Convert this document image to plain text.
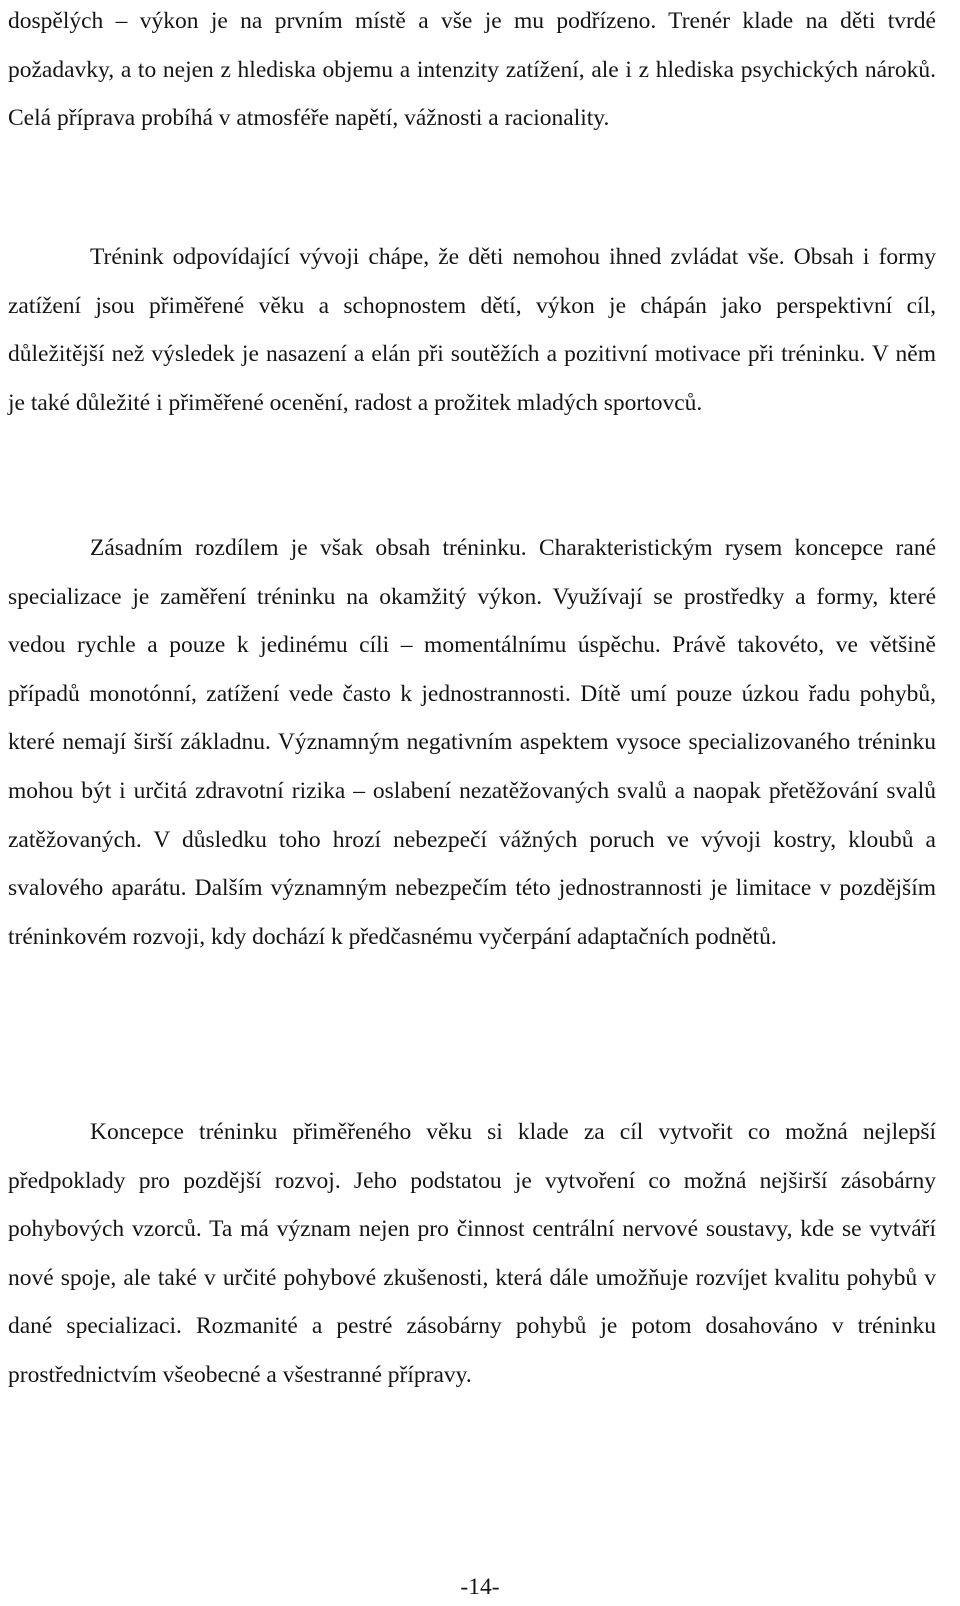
dospělých – výkon je na prvním místě a vše je mu podřízeno. Trenér klade na děti tvrdé požadavky, a to nejen z hlediska objemu a intenzity zatížení, ale i z hlediska psychických nároků. Celá příprava probíhá v atmosféře napětí, vážnosti a racionality.

Trénink odpovídající vývoji chápe, že děti nemohou ihned zvládat vše. Obsah i formy zatížení jsou přiměřené věku a schopnostem dětí, výkon je chápán jako perspektivní cíl, důležitější než výsledek je nasazení a elán při soutěžích a pozitivní motivace při tréninku. V něm je také důležité i přiměřené ocenění, radost a prožitek mladých sportovců.

Zásadním rozdílem je však obsah tréninku. Charakteristickým rysem koncepce rané specializace je zaměření tréninku na okamžitý výkon. Využívají se prostředky a formy, které vedou rychle a pouze k jedinému cíli – momentálnímu úspěchu. Právě takovéto, ve většině případů monotónní, zatížení vede často k jednostrannosti. Dítě umí pouze úzkou řadu pohybů, které nemají širší základnu. Významným negativním aspektem vysoce specializovaného tréninku mohou být i určitá zdravotní rizika – oslabení nezatěžovaných svalů a naopak přetěžování svalů zatěžovaných. V důsledku toho hrozí nebezpečí vážných poruch ve vývoji kostry, kloubů a svalového aparátu. Dalším významným nebezpečím této jednostrannosti je limitace v pozdějším tréninkovém rozvoji, kdy dochází k předčasnému vyčerpání adaptačních podnětů.

Koncepce tréninku přiměřeného věku si klade za cíl vytvořit co možná nejlepší předpoklady pro pozdější rozvoj. Jeho podstatou je vytvoření co možná nejširší zásobárny pohybových vzorců. Ta má význam nejen pro činnost centrální nervové soustavy, kde se vytváří nové spoje, ale také v určité pohybové zkušenosti, která dále umožňuje rozvíjet kvalitu pohybů v dané specializaci. Rozmanité a pestré zásobárny pohybů je potom dosahováno v tréninku prostřednictvím všeobecné a všestranné přípravy.

-14-
